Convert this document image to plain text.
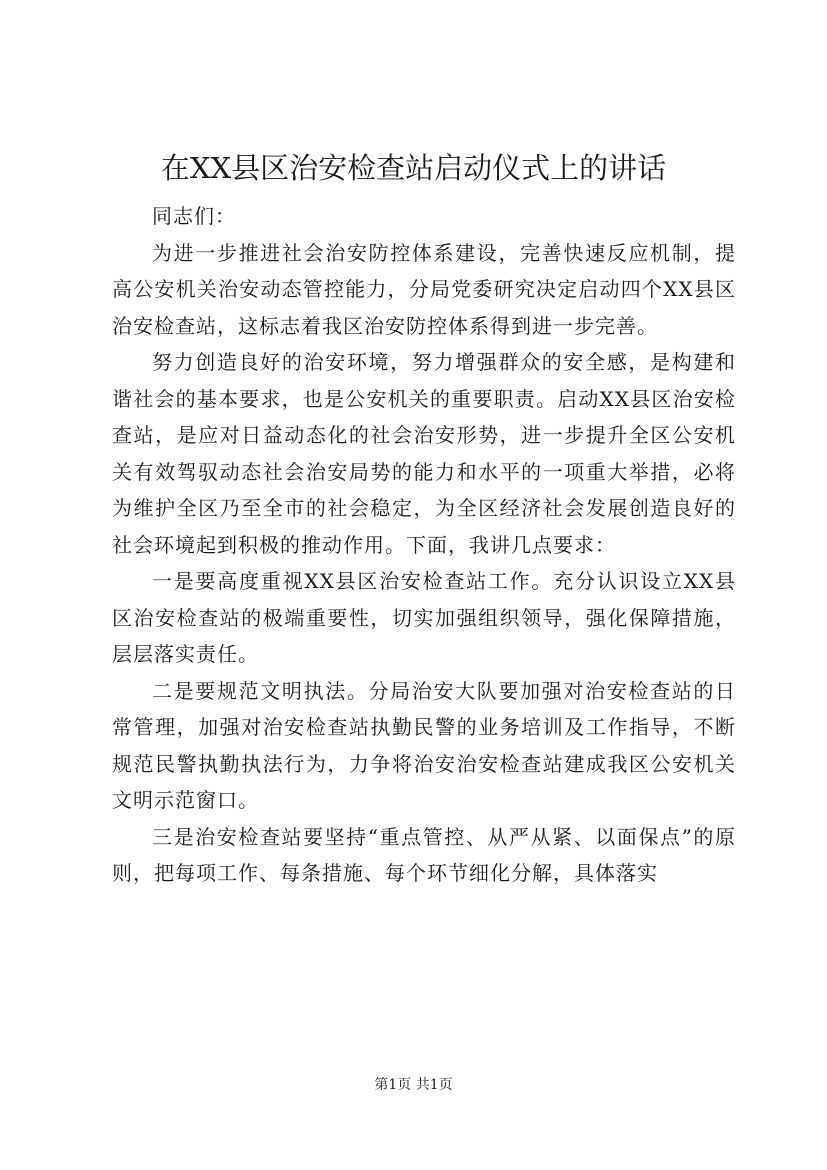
在XX县区治安检查站启动仪式上的讲话

同志们：

为进一步推进社会治安防控体系建设，完善快速反应机制，提高公安机关治安动态管控能力，分局党委研究决定启动四个XX县区治安检查站，这标志着我区治安防控体系得到进一步完善。

努力创造良好的治安环境，努力增强群众的安全感，是构建和谐社会的基本要求，也是公安机关的重要职责。启动XX县区治安检查站，是应对日益动态化的社会治安形势，进一步提升全区公安机关有效驾驭动态社会治安局势的能力和水平的一项重大举措，必将为维护全区乃至全市的社会稳定，为全区经济社会发展创造良好的社会环境起到积极的推动作用。下面，我讲几点要求：

一是要高度重视XX县区治安检查站工作。充分认识设立XX县区治安检查站的极端重要性，切实加强组织领导，强化保障措施，层层落实责任。

二是要规范文明执法。分局治安大队要加强对治安检查站的日常管理，加强对治安检查站执勤民警的业务培训及工作指导，不断规范民警执勤执法行为，力争将治安治安检查站建成我区公安机关文明示范窗口。

三是治安检查站要坚持“重点管控、从严从紧、以面保点”的原则，把每项工作、每条措施、每个环节细化分解，具体落实

第1页 共1页
